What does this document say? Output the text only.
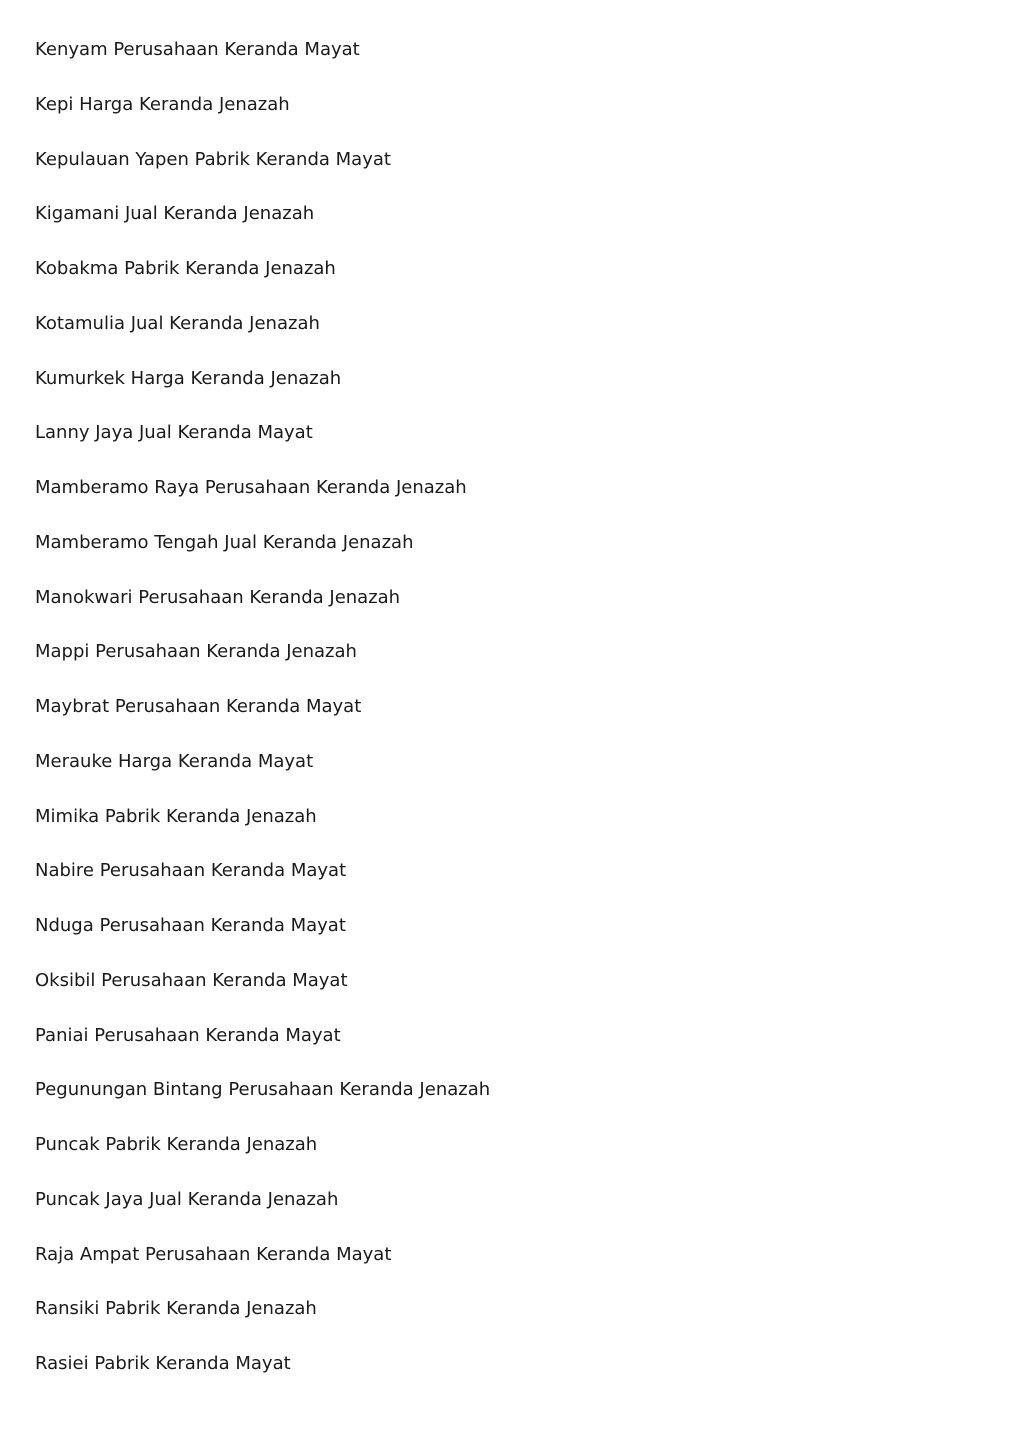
Kenyam Perusahaan Keranda Mayat
Kepi Harga Keranda Jenazah
Kepulauan Yapen Pabrik Keranda Mayat
Kigamani Jual Keranda Jenazah
Kobakma Pabrik Keranda Jenazah
Kotamulia Jual Keranda Jenazah
Kumurkek Harga Keranda Jenazah
Lanny Jaya Jual Keranda Mayat
Mamberamo Raya Perusahaan Keranda Jenazah
Mamberamo Tengah Jual Keranda Jenazah
Manokwari Perusahaan Keranda Jenazah
Mappi Perusahaan Keranda Jenazah
Maybrat Perusahaan Keranda Mayat
Merauke Harga Keranda Mayat
Mimika Pabrik Keranda Jenazah
Nabire Perusahaan Keranda Mayat
Nduga Perusahaan Keranda Mayat
Oksibil Perusahaan Keranda Mayat
Paniai Perusahaan Keranda Mayat
Pegunungan Bintang Perusahaan Keranda Jenazah
Puncak Pabrik Keranda Jenazah
Puncak Jaya Jual Keranda Jenazah
Raja Ampat Perusahaan Keranda Mayat
Ransiki Pabrik Keranda Jenazah
Rasiei Pabrik Keranda Mayat
